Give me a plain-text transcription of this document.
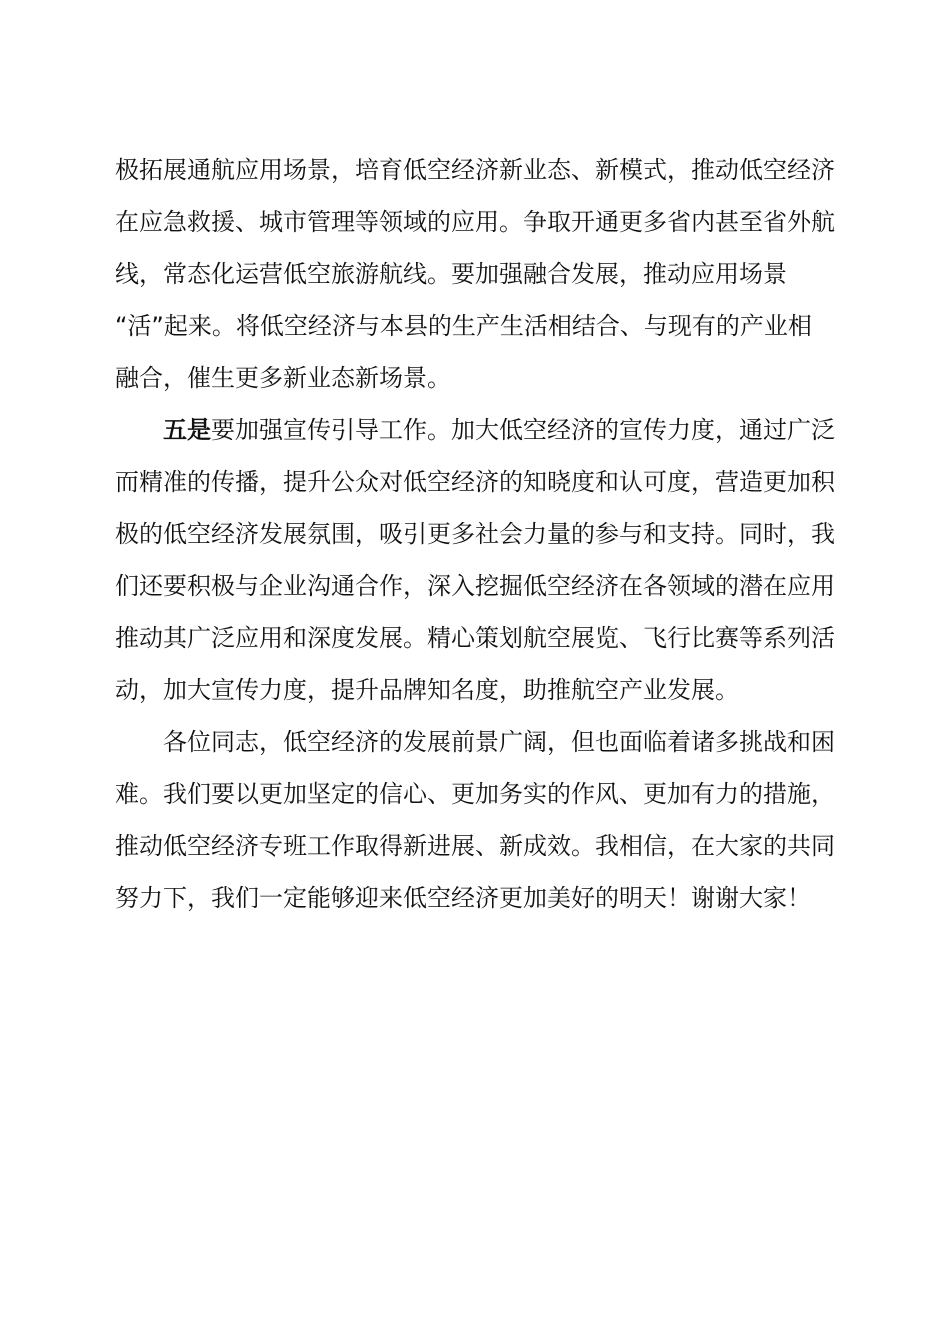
极拓展通航应用场景，培育低空经济新业态、新模式，推动低空经济
在应急救援、城市管理等领域的应用。争取开通更多省内甚至省外航
线，常态化运营低空旅游航线。要加强融合发展，推动应用场景
“活”起来。将低空经济与本县的生产生活相结合、与现有的产业相
融合，催生更多新业态新场景。
五是要加强宣传引导工作。加大低空经济的宣传力度，通过广泛
而精准的传播，提升公众对低空经济的知晓度和认可度，营造更加积
极的低空经济发展氛围，吸引更多社会力量的参与和支持。同时，我
们还要积极与企业沟通合作，深入挖掘低空经济在各领域的潜在应用
推动其广泛应用和深度发展。精心策划航空展览、飞行比赛等系列活
动，加大宣传力度，提升品牌知名度，助推航空产业发展。
各位同志，低空经济的发展前景广阔，但也面临着诸多挑战和困
难。我们要以更加坚定的信心、更加务实的作风、更加有力的措施，
推动低空经济专班工作取得新进展、新成效。我相信，在大家的共同
努力下，我们一定能够迎来低空经济更加美好的明天！谢谢大家！
